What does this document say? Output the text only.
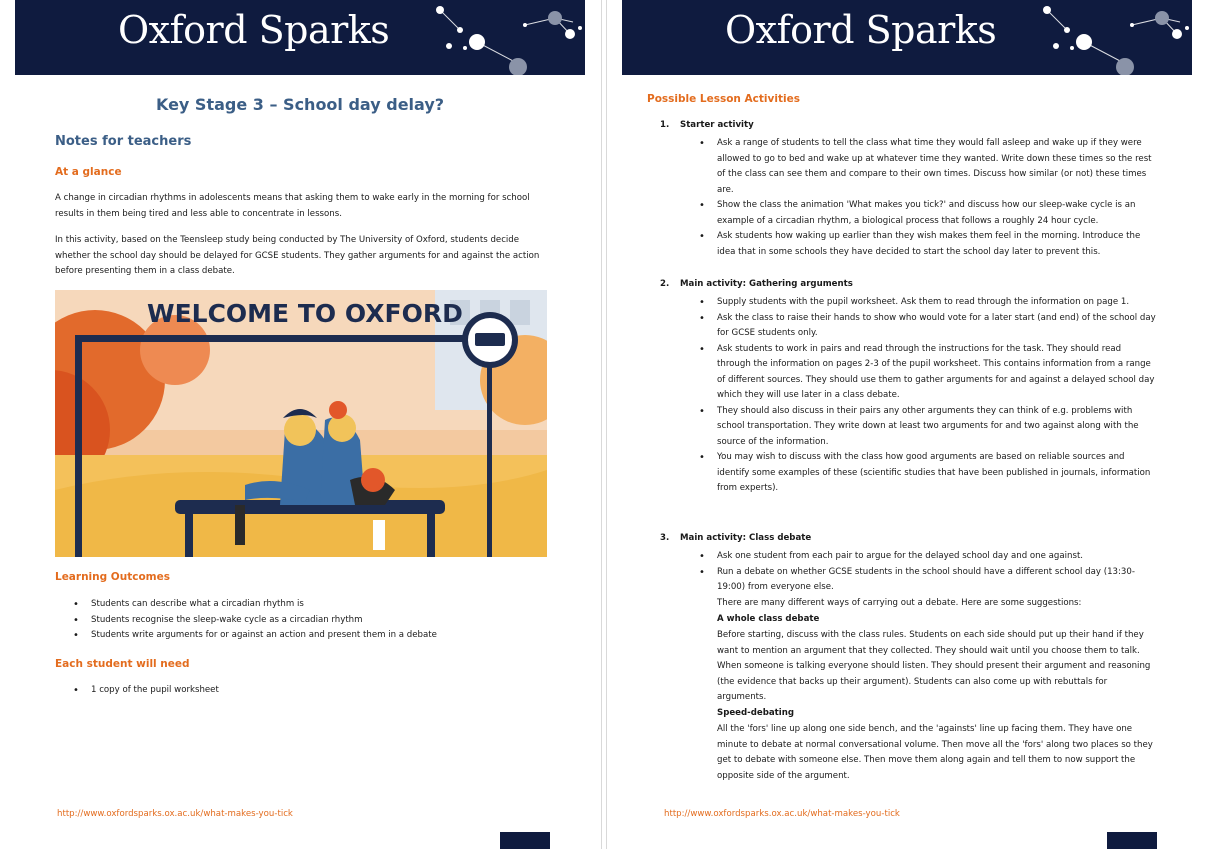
Oxford Sparks
Key Stage 3 – School day delay?
Notes for teachers
At a glance
A change in circadian rhythms in adolescents means that asking them to wake early in the morning for school results in them being tired and less able to concentrate in lessons.
In this activity, based on the Teensleep study being conducted by The University of Oxford, students decide whether the school day should be delayed for GCSE students. They gather arguments for and against the action before presenting them in a class debate.
WELCOME TO OXFORD
Learning Outcomes
• Students can describe what a circadian rhythm is
• Students recognise the sleep-wake cycle as a circadian rhythm
• Students write arguments for or against an action and present them in a debate
Each student will need
• 1 copy of the pupil worksheet
http://www.oxfordsparks.ox.ac.uk/what-makes-you-tick
Oxford Sparks
Possible Lesson Activities
1. Starter activity
• Ask a range of students to tell the class what time they would fall asleep and wake up if they were allowed to go to bed and wake up at whatever time they wanted. Write down these times so the rest of the class can see them and compare to their own times. Discuss how similar (or not) these times are.
• Show the class the animation 'What makes you tick?' and discuss how our sleep-wake cycle is an example of a circadian rhythm, a biological process that follows a roughly 24 hour cycle.
• Ask students how waking up earlier than they wish makes them feel in the morning. Introduce the idea that in some schools they have decided to start the school day later to prevent this.
2. Main activity: Gathering arguments
• Supply students with the pupil worksheet. Ask them to read through the information on page 1.
• Ask the class to raise their hands to show who would vote for a later start (and end) of the school day for GCSE students only.
• Ask students to work in pairs and read through the instructions for the task. They should read through the information on pages 2-3 of the pupil worksheet. This contains information from a range of different sources. They should use them to gather arguments for and against a delayed school day which they will use later in a class debate.
• They should also discuss in their pairs any other arguments they can think of e.g. problems with school transportation. They write down at least two arguments for and two against along with the source of the information.
• You may wish to discuss with the class how good arguments are based on reliable sources and identify some examples of these (scientific studies that have been published in journals, information from experts).
3. Main activity: Class debate
• Ask one student from each pair to argue for the delayed school day and one against.
• Run a debate on whether GCSE students in the school should have a different school day (13:30-19:00) from everyone else.
There are many different ways of carrying out a debate. Here are some suggestions:
A whole class debate
Before starting, discuss with the class rules. Students on each side should put up their hand if they want to mention an argument that they collected. They should wait until you choose them to talk. When someone is talking everyone should listen. They should present their argument and reasoning (the evidence that backs up their argument). Students can also come up with rebuttals for arguments.
Speed-debating
All the 'fors' line up along one side bench, and the 'againsts' line up facing them. They have one minute to debate at normal conversational volume. Then move all the 'fors' along two places so they get to debate with someone else. Then move them along again and tell them to now support the opposite side of the argument.
http://www.oxfordsparks.ox.ac.uk/what-makes-you-tick
